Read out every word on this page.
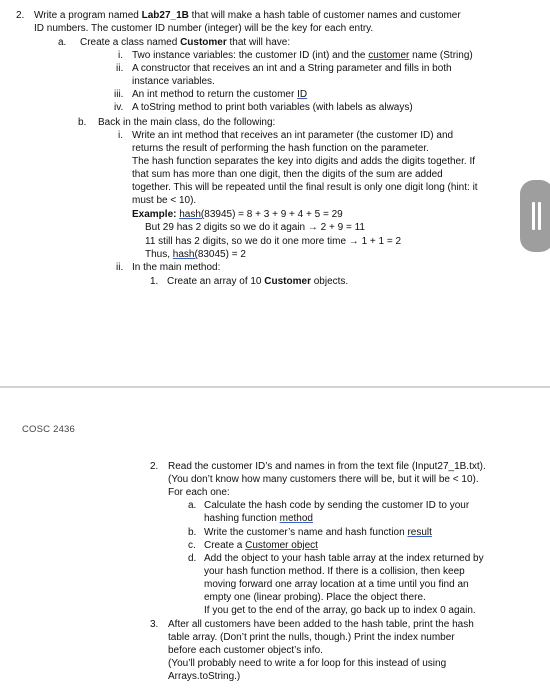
2. Write a program named Lab27_1B that will make a hash table of customer names and customer
ID numbers. The customer ID number (integer) will be the key for each entry.
a. Create a class named Customer that will have:
i. Two instance variables: the customer ID (int) and the customer name (String)
ii. A constructor that receives an int and a String parameter and fills in both
instance variables.
iii. An int method to return the customer ID
iv. A toString method to print both variables (with labels as always)
b. Back in the main class, do the following:
i. Write an int method that receives an int parameter (the customer ID) and
returns the result of performing the hash function on the parameter.
The hash function separates the key into digits and adds the digits together. If
that sum has more than one digit, then the digits of the sum are added
together. This will be repeated until the final result is only one digit long (hint: it
must be < 10).
Example: hash(83945) = 8 + 3 + 9 + 4 + 5 = 29
But 29 has 2 digits so we do it again → 2 + 9 = 11
11 still has 2 digits, so we do it one more time → 1 + 1 = 2
Thus, hash(83045) = 2
ii. In the main method:
1. Create an array of 10 Customer objects.
COSC 2436
2. Read the customer ID’s and names in from the text file (Input27_1B.txt).
(You don’t know how many customers there will be, but it will be < 10).
For each one:
a. Calculate the hash code by sending the customer ID to your
hashing function method
b. Write the customer’s name and hash function result
c. Create a Customer object
d. Add the object to your hash table array at the index returned by
your hash function method. If there is a collision, then keep
moving forward one array location at a time until you find an
empty one (linear probing). Place the object there.
If you get to the end of the array, go back up to index 0 again.
3. After all customers have been added to the hash table, print the hash
table array. (Don’t print the nulls, though.) Print the index number
before each customer object’s info.
(You’ll probably need to write a for loop for this instead of using
Arrays.toString.)
